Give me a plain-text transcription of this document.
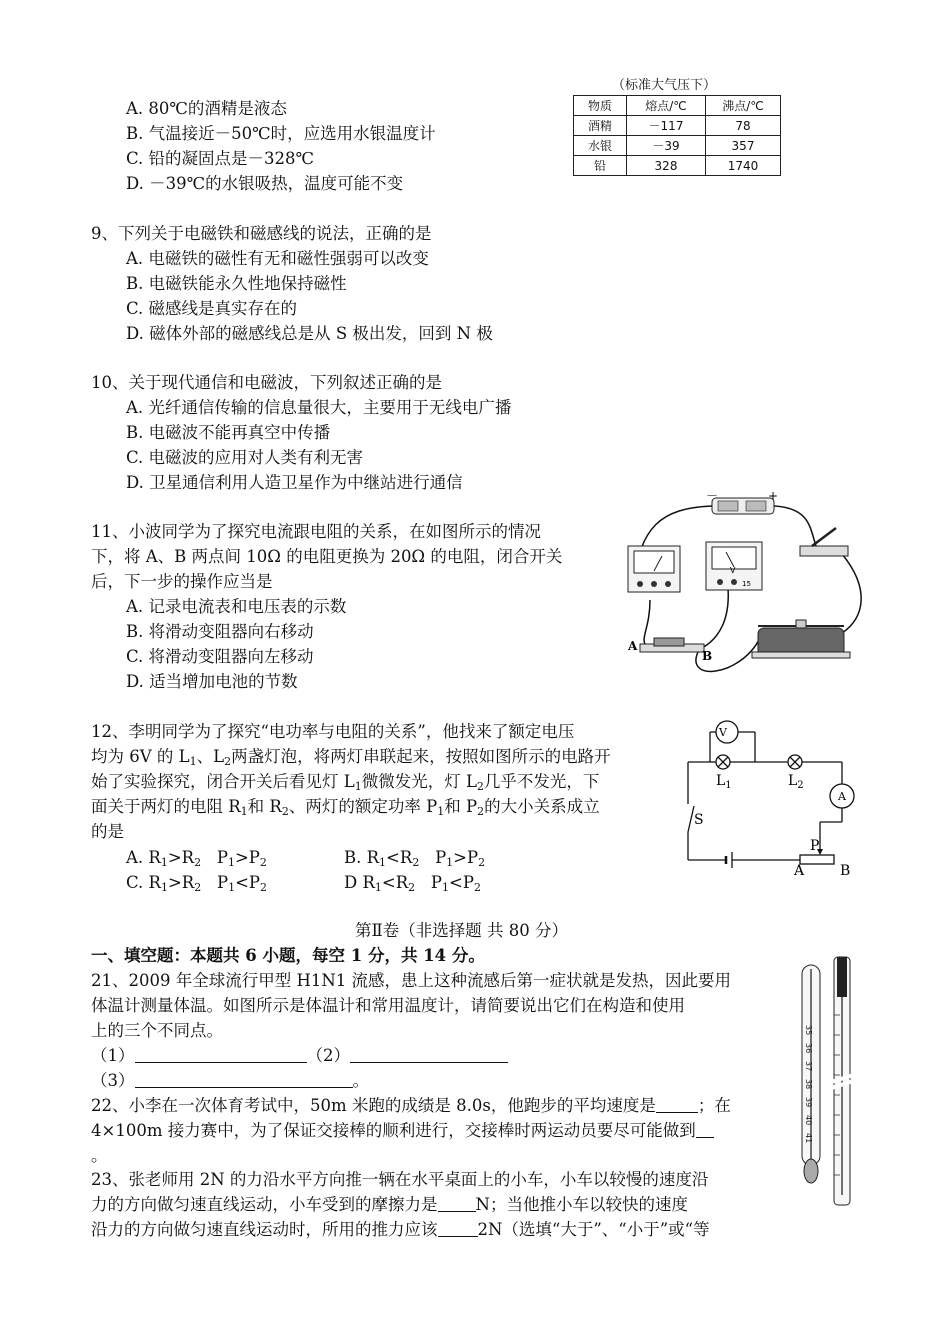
A. 80℃的酒精是液态
B. 气温接近－50℃时，应选用水银温度计
C. 铅的凝固点是－328℃
D. －39℃的水银吸热，温度可能不变
（标准大气压下）
物质	熔点/℃	沸点/℃
酒精	－117	78
水银	－39	357
铅	328	1740
9、下列关于电磁铁和磁感线的说法，正确的是
A. 电磁铁的磁性有无和磁性强弱可以改变
B. 电磁铁能永久性地保持磁性
C. 磁感线是真实存在的
D. 磁体外部的磁感线总是从 S 极出发，回到 N 极
10、关于现代通信和电磁波，下列叙述正确的是
A. 光纤通信传输的信息量很大，主要用于无线电广播
B. 电磁波不能再真空中传播
C. 电磁波的应用对人类有利无害
D. 卫星通信利用人造卫星作为中继站进行通信
11、小波同学为了探究电流跟电阻的关系，在如图所示的情况
下，将 A、B 两点间 10Ω 的电阻更换为 20Ω 的电阻，闭合开关
后，下一步的操作应当是
A. 记录电流表和电压表的示数
B. 将滑动变阻器向右移动
C. 将滑动变阻器向左移动
D. 适当增加电池的节数
－	+
V
15
A
B
12、李明同学为了探究“电功率与电阻的关系”，他找来了额定电压
均为 6V 的 $L_1$、$L_2$两盏灯泡，将两灯串联起来，按照如图所示的电路开
始了实验探究，闭合开关后看见灯 $L_1$微微发光，灯 $L_2$几乎不发光，下
面关于两灯的电阻 $R_1$和 $R_2$、两灯的额定功率 $P_1$和 $P_2$的大小关系成立
的是
A. $R_1>R_2$ $P_1>P_2$	B. $R_1<R_2$ $P_1>P_2$
C. $R_1>R_2$ $P_1<P_2$	D $R_1<R_2$ $P_1<P_2$
V
A
$L_1$	$L_2$
S
P
A	B
第Ⅱ卷（非选择题 共 80 分）
一、填空题：本题共 6 小题，每空 1 分，共 14 分。
21、2009 年全球流行甲型 H1N1 流感，患上这种流感后第一症状就是发热，因此要用
体温计测量体温。如图所示是体温计和常用温度计，请简要说出它们在构造和使用
上的三个不同点。
（1）	（2）
（3）	。
35
36
37
38
39
40
41
22、小李在一次体育考试中，50m 米跑的成绩是 8.0s，他跑步的平均速度是	；在
4×100m 接力赛中，为了保证交接棒的顺利进行，交接棒时两运动员要尽可能做到
。
23、张老师用 2N 的力沿水平方向推一辆在水平桌面上的小车，小车以较慢的速度沿
力的方向做匀速直线运动，小车受到的摩擦力是 N；当他推小车以较快的速度
沿力的方向做匀速直线运动时，所用的推力应该 2N（选填“大于”、“小于”或“等
